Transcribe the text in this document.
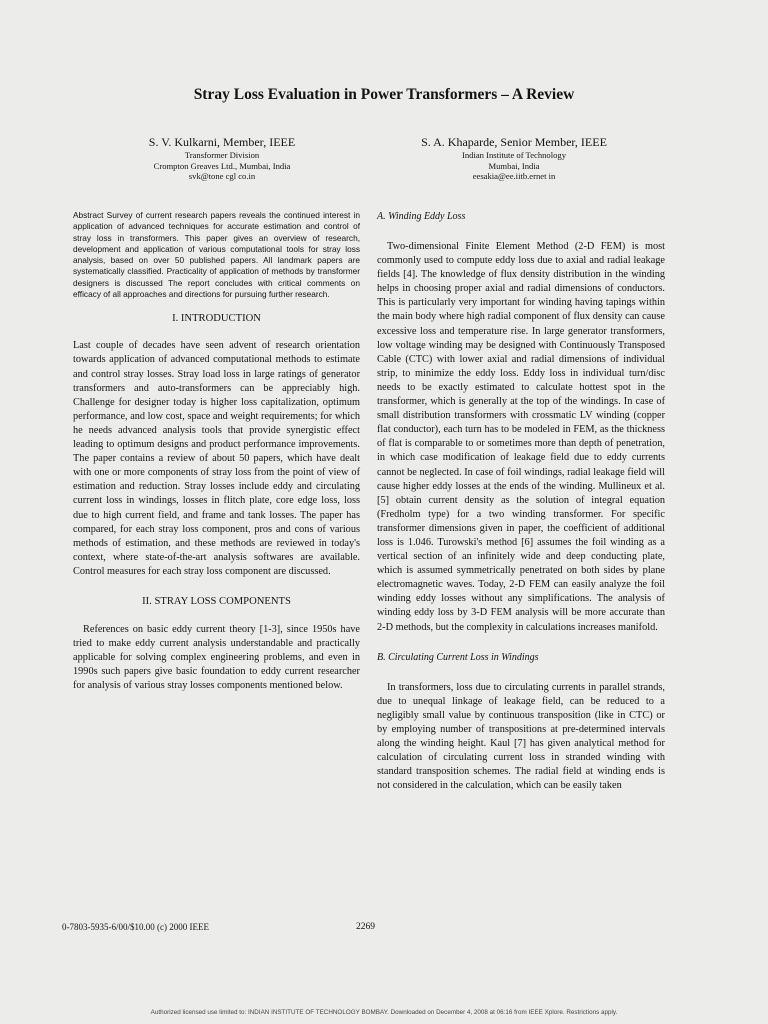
Stray Loss Evaluation in Power Transformers – A Review
S. V. Kulkarni, Member, IEEE
Transformer Division
Crompton Greaves Ltd., Mumbai, India
svk@tone cgl co.in
S. A. Khaparde, Senior Member, IEEE
Indian Institute of Technology
Mumbai, India
eesakia@ee.iitb.ernet in

Abstract Survey of current research papers reveals the continued interest in application of advanced techniques for accurate estimation and control of stray loss in transformers. This paper gives an overview of research, development and application of various computational tools for stray loss analysis, based on over 50 published papers. All landmark papers are systematically classified. Practicality of application of methods by transformer designers is discussed The report concludes with critical comments on efficacy of all approaches and directions for pursuing further research.

I. INTRODUCTION

Last couple of decades have seen advent of research orientation towards application of advanced computational methods to estimate and control stray losses. Stray load loss in large ratings of generator transformers and auto-transformers can be appreciably high. Challenge for designer today is higher loss capitalization, optimum performance, and low cost, space and weight requirements; for which he needs advanced analysis tools that provide synergistic effect leading to optimum designs and product performance improvements. The paper contains a review of about 50 papers, which have dealt with one or more components of stray loss from the point of view of estimation and reduction. Stray losses include eddy and circulating current loss in windings, losses in flitch plate, core edge loss, loss due to high current field, and frame and tank losses. The paper has compared, for each stray loss component, pros and cons of various methods of estimation, and these methods are reviewed in today's context, where state-of-the-art analysis softwares are available. Control measures for each stray loss component are discussed.

II. STRAY LOSS COMPONENTS

References on basic eddy current theory [1-3], since 1950s have tried to make eddy current analysis understandable and practically applicable for solving complex engineering problems, and even in 1990s such papers give basic foundation to eddy current researcher for analysis of various stray losses components mentioned below.

A. Winding Eddy Loss

Two-dimensional Finite Element Method (2-D FEM) is most commonly used to compute eddy loss due to axial and radial leakage fields [4]. The knowledge of flux density distribution in the winding helps in choosing proper axial and radial dimensions of conductors. This is particularly very important for winding having tapings within the main body where high radial component of flux density can cause excessive loss and temperature rise. In large generator transformers, low voltage winding may be designed with Continuously Transposed Cable (CTC) with lower axial and radial dimensions of individual strip, to minimize the eddy loss. Eddy loss in individual turn/disc needs to be exactly estimated to calculate hottest spot in the transformer, which is generally at the top of the windings. In case of small distribution transformers with crossmatic LV winding (copper flat conductor), each turn has to be modeled in FEM, as the thickness of flat is comparable to or sometimes more than depth of penetration, in which case modification of leakage field due to eddy currents cannot be neglected. In case of foil windings, radial leakage field will cause higher eddy losses at the ends of the winding. Mullineux et al. [5] obtain current density as the solution of integral equation (Fredholm type) for a two winding transformer. For specific transformer dimensions given in paper, the coefficient of additional loss is 1.046. Turowski's method [6] assumes the foil winding as a vertical section of an infinitely wide and deep conducting plate, which is assumed symmetrically penetrated on both sides by plane electromagnetic waves. Today, 2-D FEM can easily analyze the foil winding eddy losses without any simplifications. The analysis of winding eddy loss by 3-D FEM analysis will be more accurate than 2-D methods, but the complexity in calculations increases manifold.

B. Circulating Current Loss in Windings

In transformers, loss due to circulating currents in parallel strands, due to unequal linkage of leakage field, can be reduced to a negligibly small value by continuous transposition (like in CTC) or by employing number of transpositions at pre-determined intervals along the winding height. Kaul [7] has given analytical method for calculation of circulating current loss in stranded winding with standard transposition schemes. The radial field at winding ends is not considered in the calculation, which can be easily taken

0-7803-5935-6/00/$10.00 (c) 2000 IEEE	2269
Authorized licensed use limited to: INDIAN INSTITUTE OF TECHNOLOGY BOMBAY. Downloaded on December 4, 2008 at 06:16 from IEEE Xplore. Restrictions apply.
